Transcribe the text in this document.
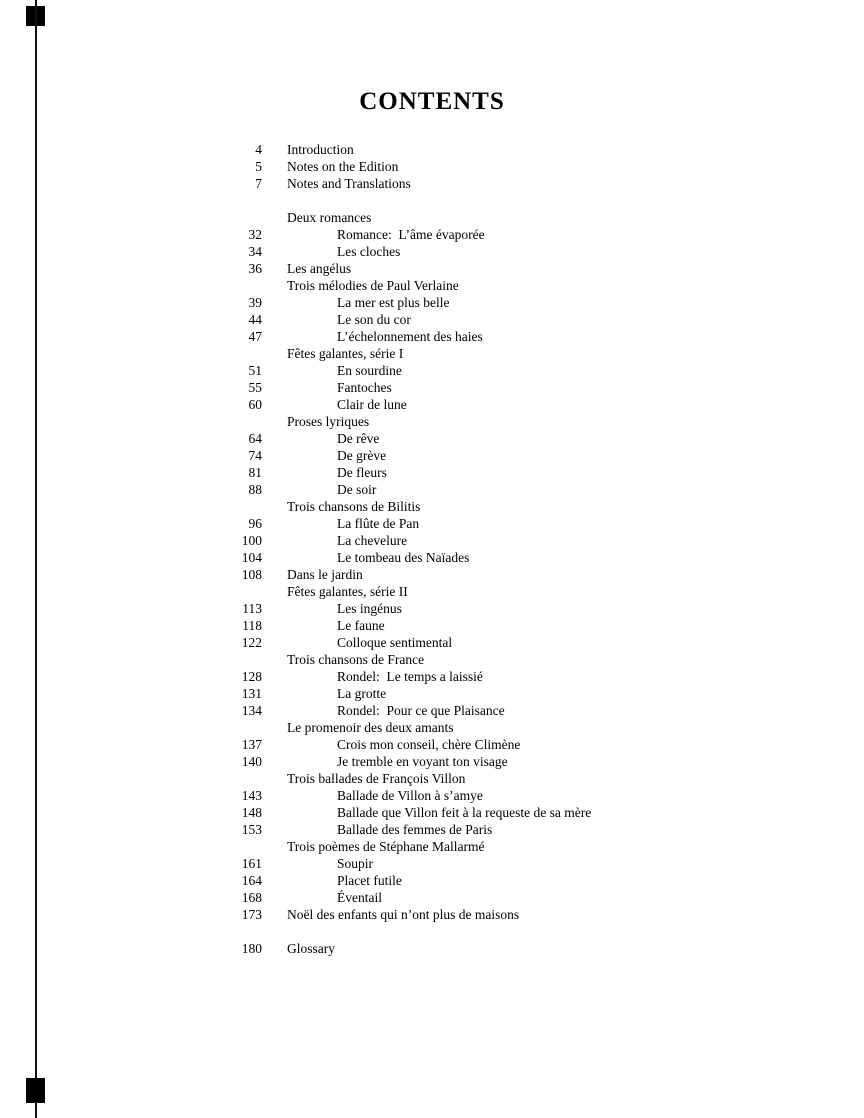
CONTENTS
4 Introduction
5 Notes on the Edition
7 Notes and Translations
Deux romances
32	Romance:  L’âme évaporée
34	Les cloches
36 Les angélus
Trois mélodies de Paul Verlaine
39	La mer est plus belle
44	Le son du cor
47	L’échelonnement des haies
Fêtes galantes, série I
51	En sourdine
55	Fantoches
60	Clair de lune
Proses lyriques
64	De rêve
74	De grève
81	De fleurs
88	De soir
Trois chansons de Bilitis
96	La flûte de Pan
100	La chevelure
104	Le tombeau des Naïades
108 Dans le jardin
Fêtes galantes, série II
113	Les ingénus
118	Le faune
122	Colloque sentimental
Trois chansons de France
128	Rondel:  Le temps a laissié
131	La grotte
134	Rondel:  Pour ce que Plaisance
Le promenoir des deux amants
137	Crois mon conseil, chère Climène
140	Je tremble en voyant ton visage
Trois ballades de François Villon
143	Ballade de Villon à s’amye
148	Ballade que Villon feit à la requeste de sa mère
153	Ballade des femmes de Paris
Trois poèmes de Stéphane Mallarmé
161	Soupir
164	Placet futile
168	Éventail
173 Noël des enfants qui n’ont plus de maisons
180 Glossary
